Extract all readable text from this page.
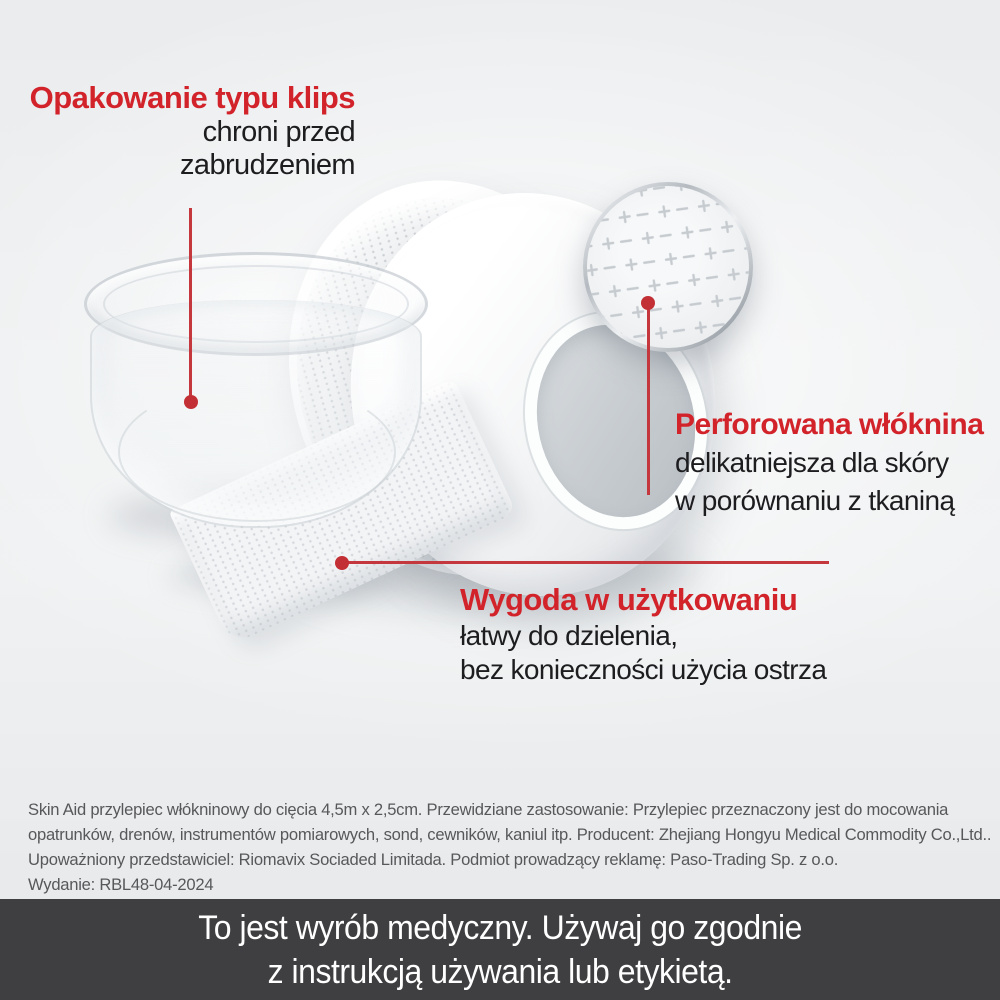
Opakowanie typu klips
chroni przed
zabrudzeniem
Perforowana włóknina
delikatniejsza dla skóry
w porównaniu z tkaniną
Wygoda w użytkowaniu
łatwy do dzielenia,
bez konieczności użycia ostrza
Skin Aid przylepiec włókninowy do cięcia 4,5m x 2,5cm. Przewidziane zastosowanie: Przylepiec przeznaczony jest do mocowania
opatrunków, drenów, instrumentów pomiarowych, sond, cewników, kaniul itp. Producent: Zhejiang Hongyu Medical Commodity Co.,Ltd..
Upoważniony przedstawiciel: Riomavix Sociaded Limitada. Podmiot prowadzący reklamę: Paso-Trading Sp. z o.o.
Wydanie: RBL48-04-2024
To jest wyrób medyczny. Używaj go zgodnie
z instrukcją używania lub etykietą.
